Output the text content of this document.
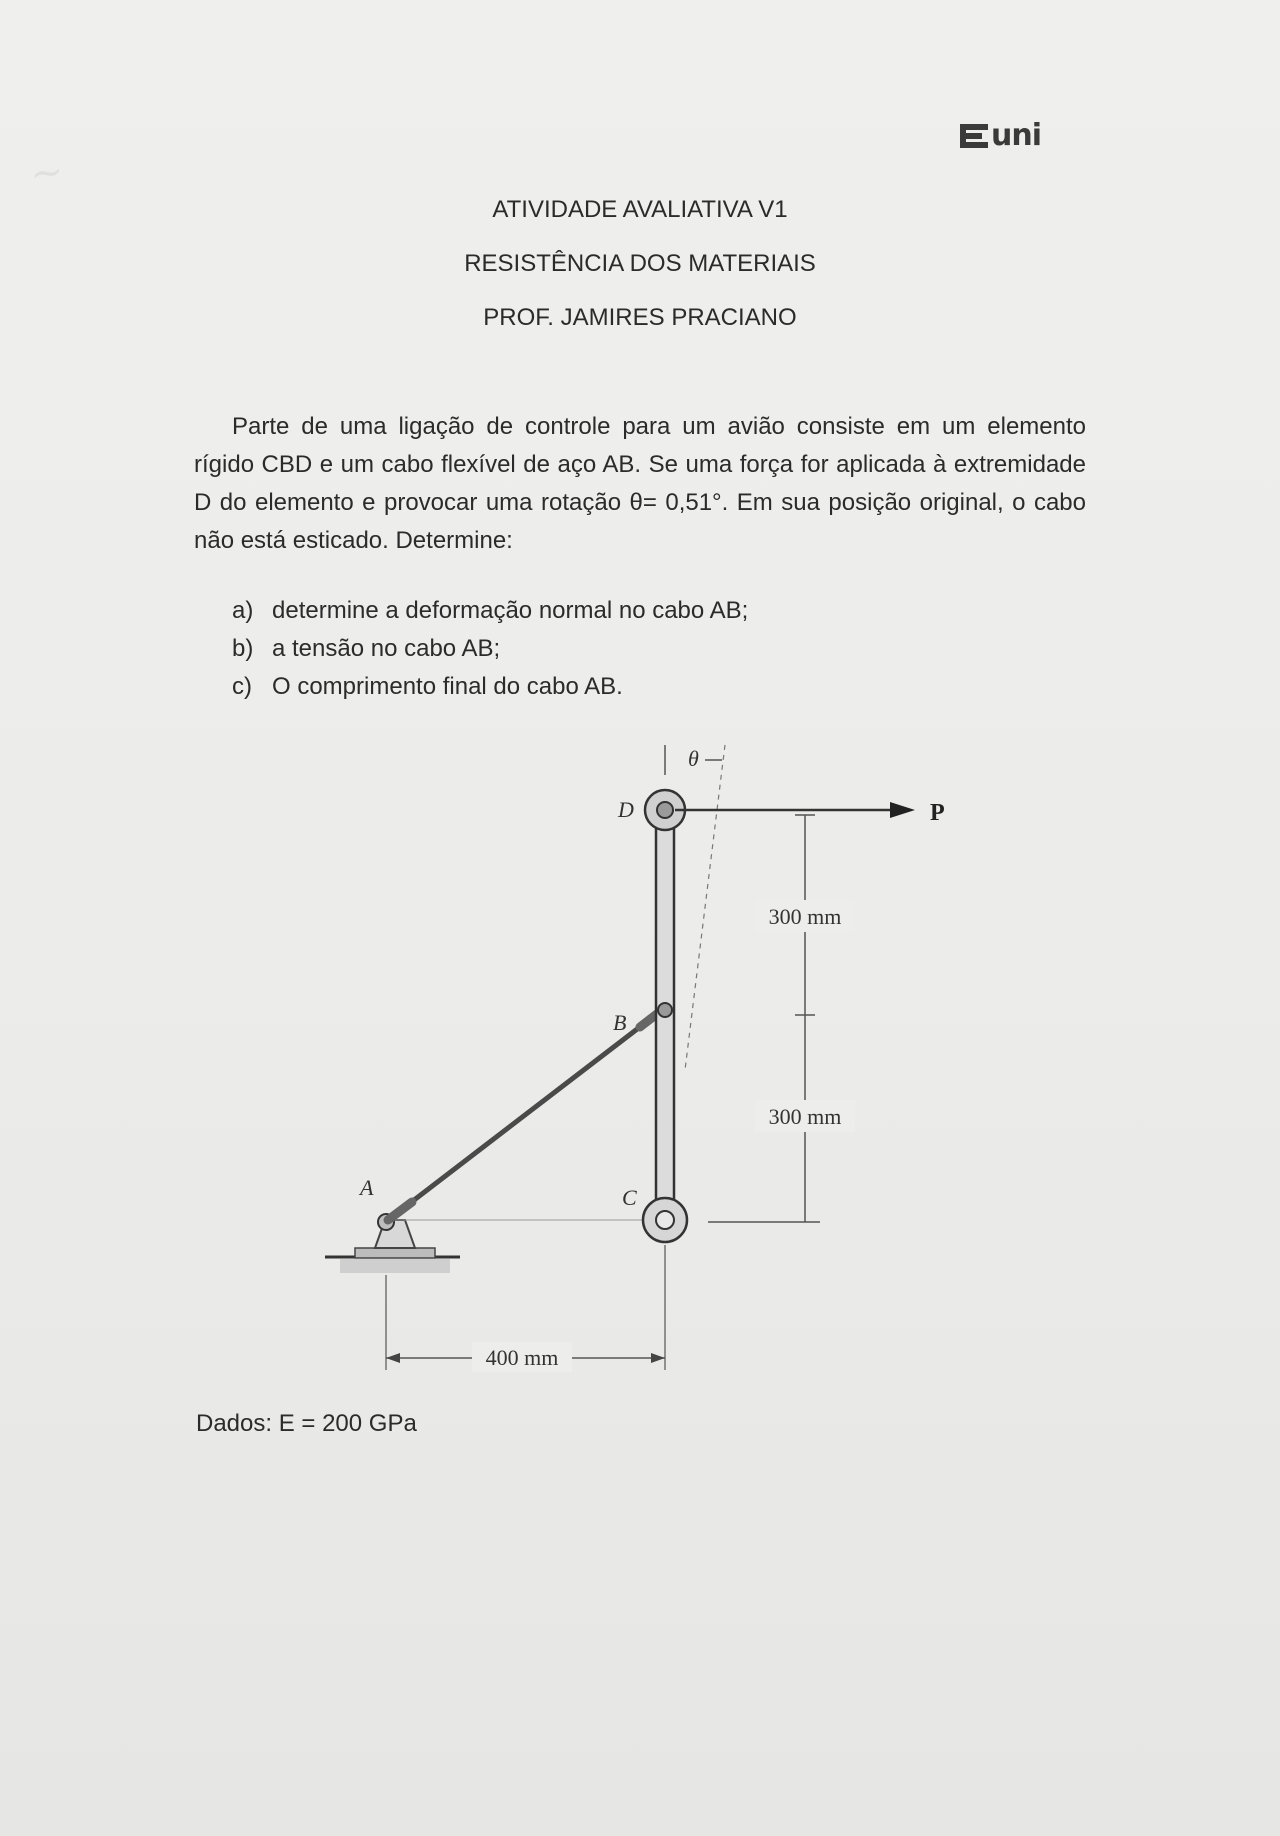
~
uni
ATIVIDADE AVALIATIVA V1
RESISTÊNCIA DOS MATERIAIS
PROF. JAMIRES PRACIANO

Parte de uma ligação de controle para um avião consiste em um elemento rígido CBD e um cabo flexível de aço AB. Se uma força for aplicada à extremidade D do elemento e provocar uma rotação θ= 0,51°. Em sua posição original, o cabo não está esticado. Determine:

a) determine a deformação normal no cabo AB;
b) a tensão no cabo AB;
c) O comprimento final do cabo AB.
θ
P
D
B
A	C
300 mm
300 mm
400 mm
Dados: E = 200 GPa
